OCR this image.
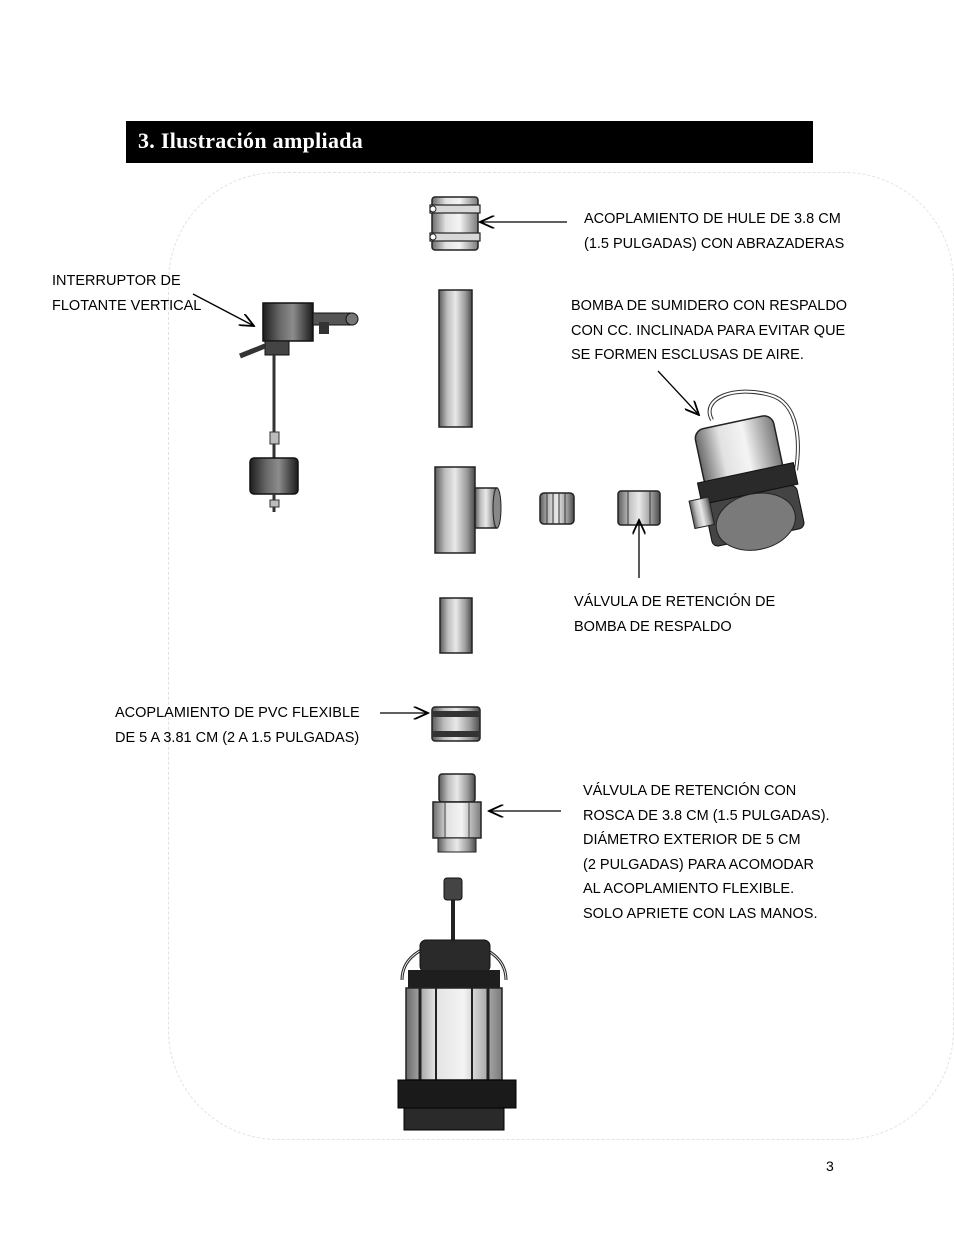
3. Ilustración ampliada
ACOPLAMIENTO DE HULE DE 3.8 CM
(1.5 PULGADAS) CON ABRAZADERAS
INTERRUPTOR DE
FLOTANTE VERTICAL	BOMBA DE SUMIDERO CON RESPALDO
CON CC. INCLINADA PARA EVITAR QUE
SE FORMEN ESCLUSAS DE AIRE.
VÁLVULA DE RETENCIÓN DE
BOMBA DE RESPALDO
ACOPLAMIENTO DE PVC FLEXIBLE
DE 5 A 3.81 CM (2 A 1.5 PULGADAS)
VÁLVULA DE RETENCIÓN CON
ROSCA DE 3.8 CM (1.5 PULGADAS).
DIÁMETRO EXTERIOR DE 5 CM
(2 PULGADAS) PARA ACOMODAR
AL ACOPLAMIENTO FLEXIBLE.
SOLO APRIETE CON LAS MANOS.
3
